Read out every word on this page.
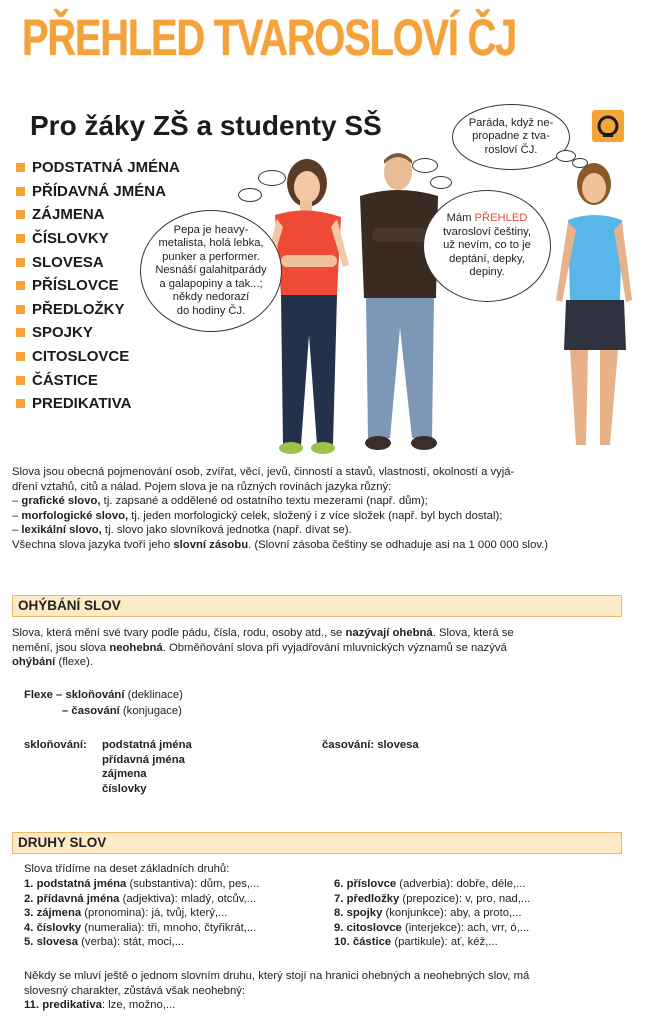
PŘEHLED TVAROSLOVÍ ČJ
Pro žáky ZŠ a studenty SŠ
PODSTATNÁ JMÉNA
PŘÍDAVNÁ JMÉNA
ZÁJMENA
ČÍSLOVKY
SLOVESA
PŘÍSLOVCE
PŘEDLOŽKY
SPOJKY
CITOSLOVCE
ČÁSTICE
PREDIKATIVA
Pepa je heavy-
metalista, holá lebka,
punker a performer.
Nesnáší galahitparády
a galapopiny a tak...;
někdy nedorazí
do hodiny ČJ.
Mám PŘEHLED
tvarosloví češtiny,
už nevím, co to je
deptání, depky,
depiny.
Paráda, když ne-
propadne z tva-
rosloví ČJ.
Slova jsou obecná pojmenování osob, zvířat, věcí, jevů, činností a stavů, vlastností, okolností a vyjá-
dření vztahů, citů a nálad. Pojem slova je na různých rovinách jazyka různý:
– grafické slovo, tj. zapsané a oddělené od ostatního textu mezerami (např. dům);
– morfologické slovo, tj. jeden morfologický celek, složený i z více složek (např. byl bych dostal);
– lexikální slovo, tj. slovo jako slovníková jednotka (např. dívat se).
Všechna slova jazyka tvoří jeho slovní zásobu. (Slovní zásoba češtiny se odhaduje asi na 1 000 000 slov.)
OHÝBÁNÍ SLOV
Slova, která mění své tvary podle pádu, čísla, rodu, osoby atd., se nazývají ohebná. Slova, která se
nemění, jsou slova neohebná. Obměňování slova při vyjadřování mluvnických významů se nazývá
ohýbání (flexe).
Flexe – skloňování (deklinace)
– časování (konjugace)
skloňování: podstatná jména
přídavná jména
zájmena
číslovky
časování: slovesa
DRUHY SLOV
Slova třídíme na deset základních druhů:
1. podstatná jména (substantiva): dům, pes,...
2. přídavná jména (adjektiva): mladý, otcův,...
3. zájmena (pronomina): já, tvůj, který,...
4. číslovky (numeralia): tři, mnoho, čtyřikrát,...
5. slovesa (verba): stát, moci,...
6. příslovce (adverbia): dobře, déle,...
7. předložky (prepozice): v, pro, nad,...
8. spojky (konjunkce): aby, a proto,...
9. citoslovce (interjekce): ach, vrr, ó,...
10. částice (partikule): ať, kéž,...
Někdy se mluví ještě o jednom slovním druhu, který stojí na hranici ohebných a neohebných slov, má
slovesný charakter, zůstává však neohebný:
11. predikativa: lze, možno,...
